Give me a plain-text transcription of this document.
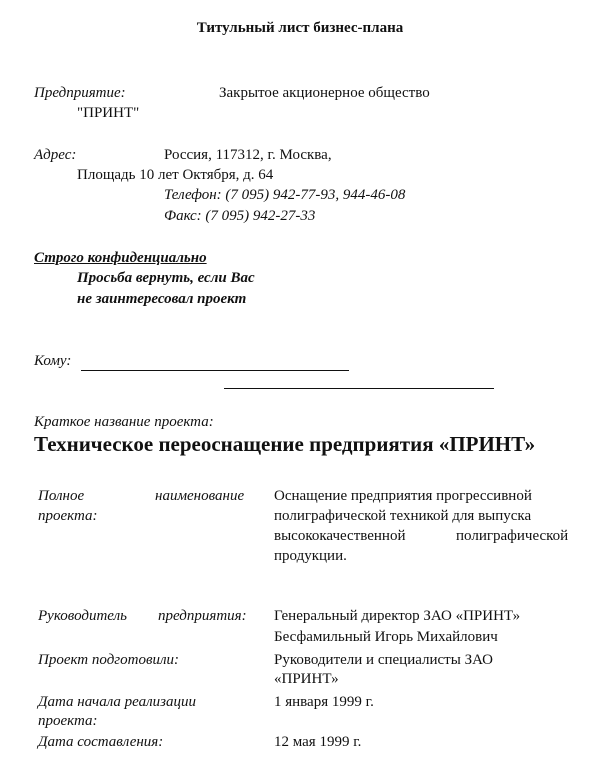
Титульный лист бизнес-плана
Предприятие:	Закрытое акционерное общество
"ПРИНТ"
Адрес:	Россия, 117312, г. Москва,
Площадь 10 лет Октября, д. 64
Телефон: (7 095) 942-77-93, 944-46-08
Факс: (7 095) 942-27-33
Строго конфиденциально
Просьба вернуть, если Вас
не заинтересовал проект
Кому:
Краткое название проекта:
Техническое переоснащение предприятия «ПРИНТ»
Полное	наименование
проекта:
Оснащение предприятия прогрессивной
полиграфической техникой для выпуска
высококачественной	полиграфической
продукции.
Руководитель предприятия: Генеральный директор ЗАО «ПРИНТ»
Бесфамильный Игорь Михайлович
Проект подготовили:	Руководители и специалисты ЗАО
«ПРИНТ»
Дата начала реализации
проекта:
1 января 1999 г.
Дата составления:	12 мая 1999 г.
